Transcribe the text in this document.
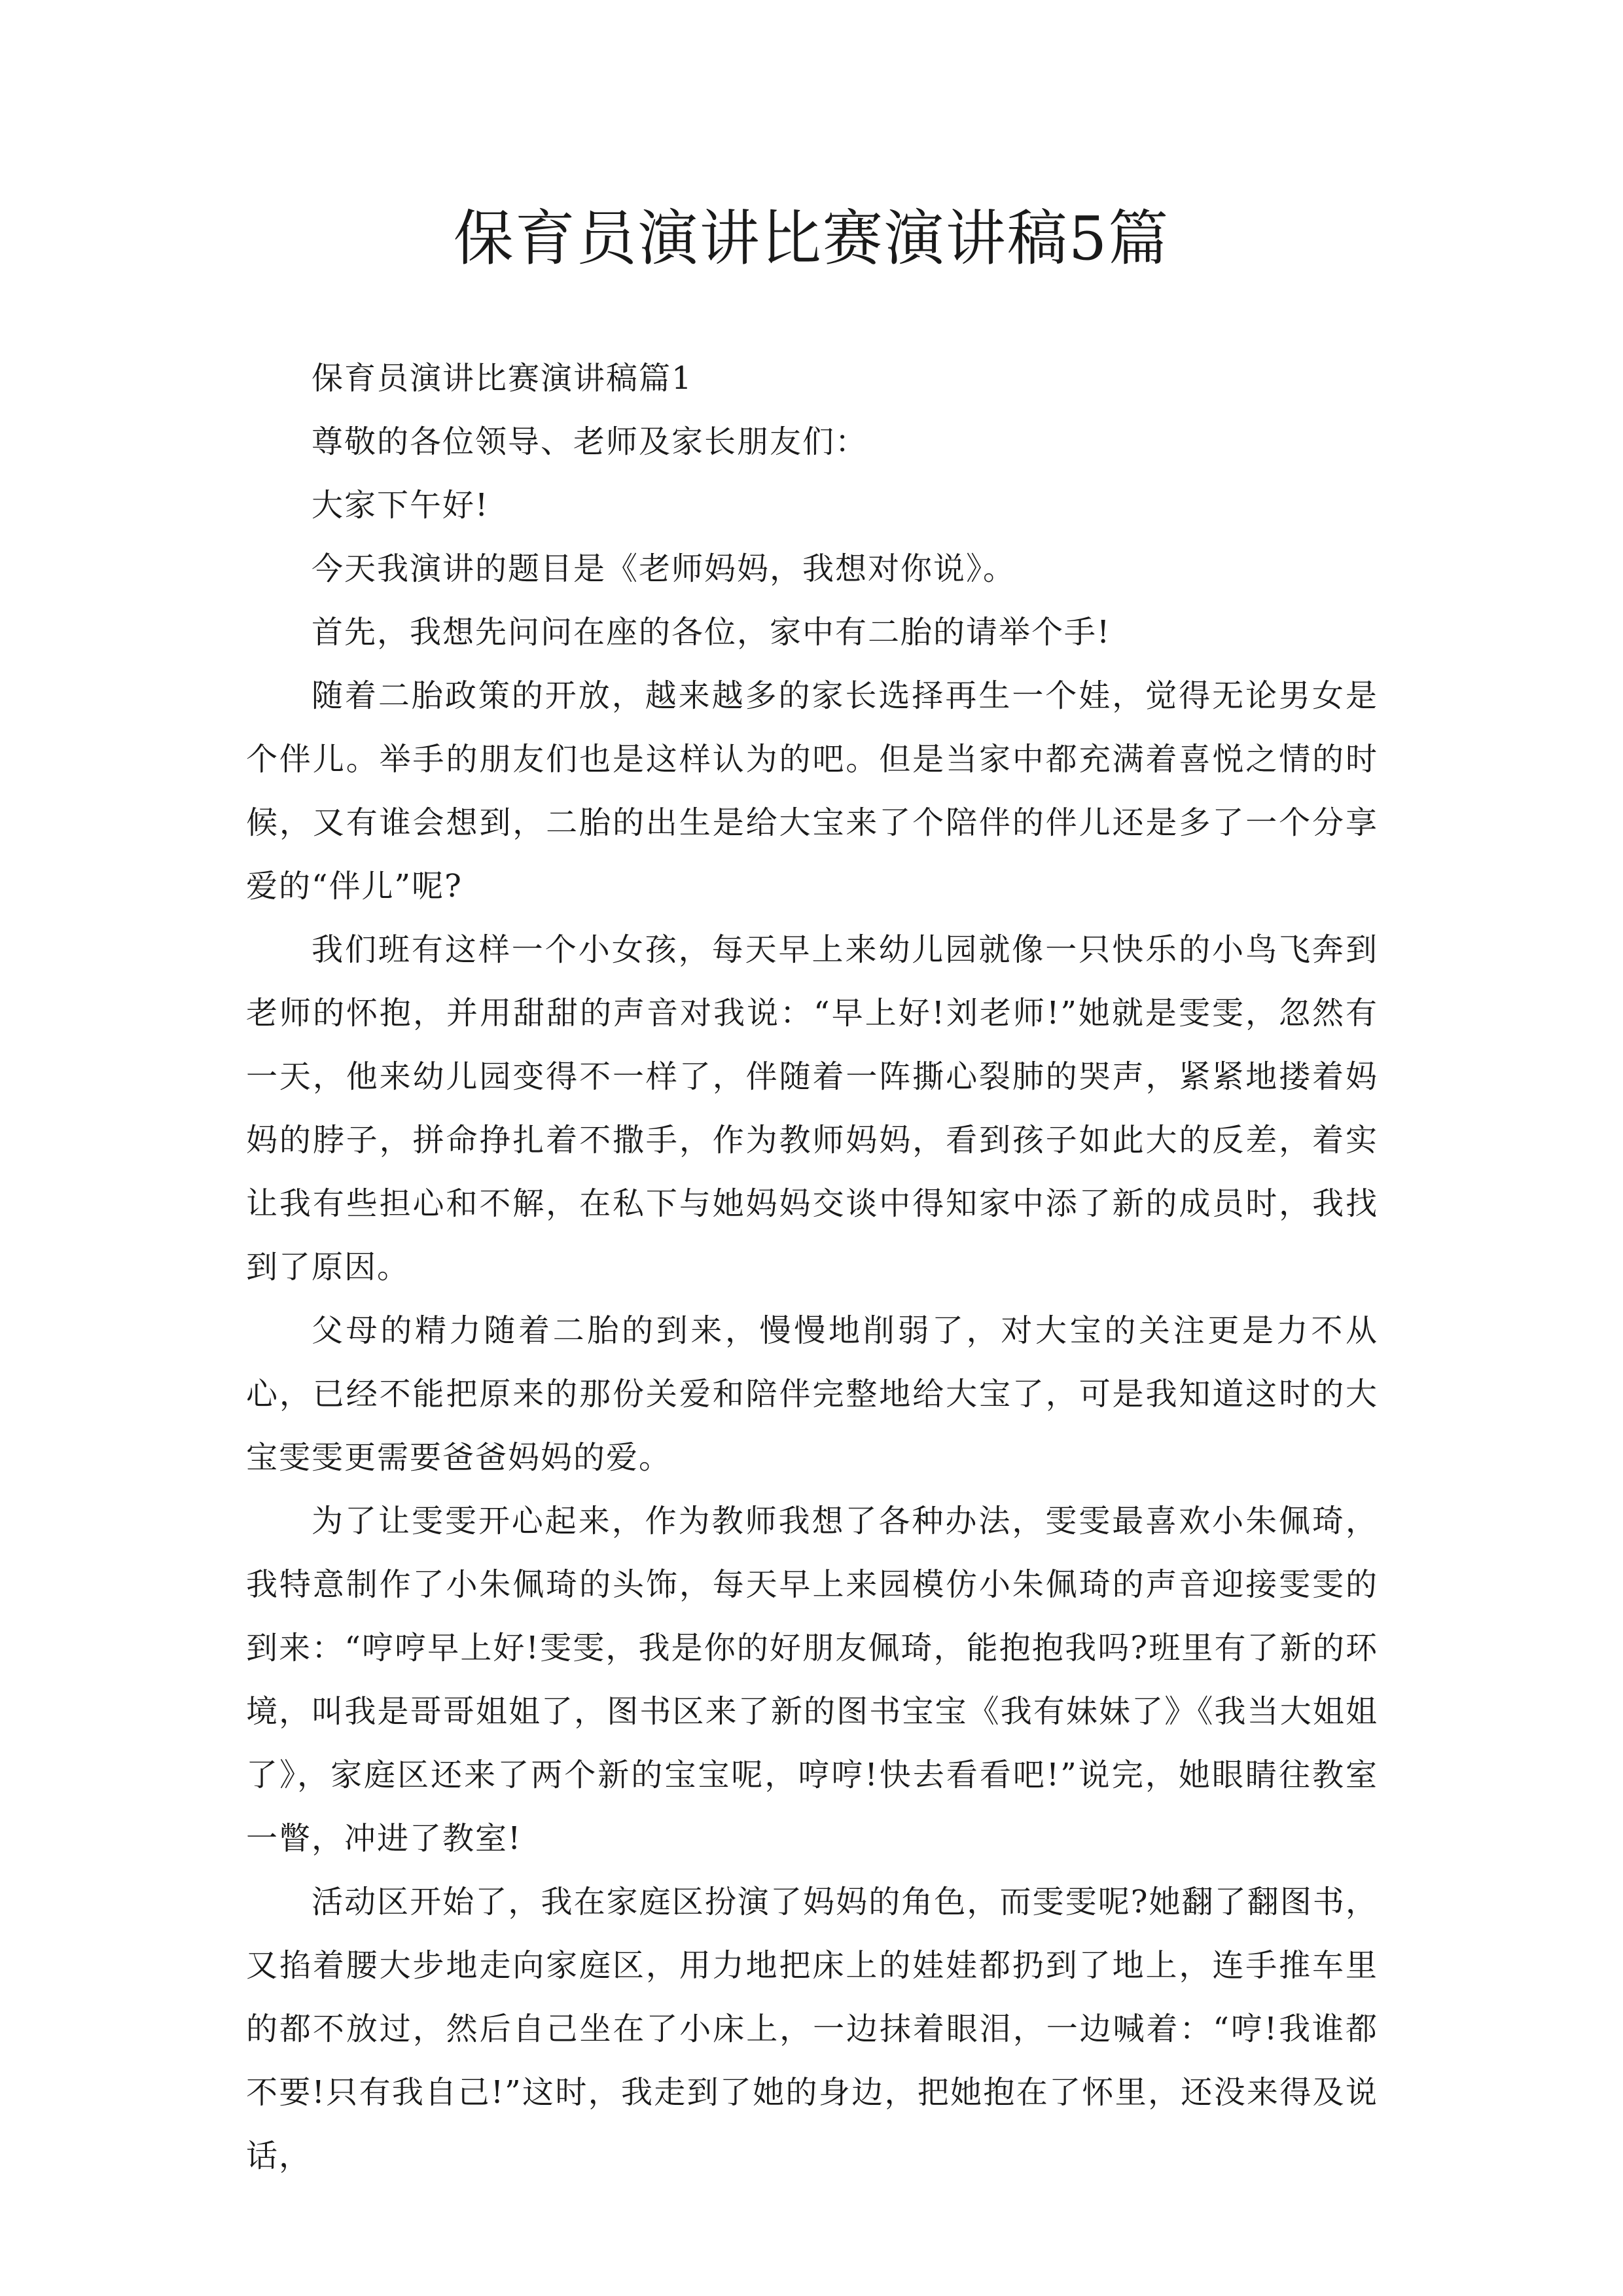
保育员演讲比赛演讲稿5篇

保育员演讲比赛演讲稿篇1

尊敬的各位领导、老师及家长朋友们：

大家下午好!

今天我演讲的题目是《老师妈妈，我想对你说》。

首先，我想先问问在座的各位，家中有二胎的请举个手!

随着二胎政策的开放，越来越多的家长选择再生一个娃，觉得无论男女是个伴儿。举手的朋友们也是这样认为的吧。但是当家中都充满着喜悦之情的时候，又有谁会想到，二胎的出生是给大宝来了个陪伴的伴儿还是多了一个分享爱的“伴儿”呢?

我们班有这样一个小女孩，每天早上来幼儿园就像一只快乐的小鸟飞奔到老师的怀抱，并用甜甜的声音对我说：“早上好!刘老师!”她就是雯雯，忽然有一天，他来幼儿园变得不一样了，伴随着一阵撕心裂肺的哭声，紧紧地搂着妈妈的脖子，拼命挣扎着不撒手，作为教师妈妈，看到孩子如此大的反差，着实让我有些担心和不解，在私下与她妈妈交谈中得知家中添了新的成员时，我找到了原因。

父母的精力随着二胎的到来，慢慢地削弱了，对大宝的关注更是力不从心，已经不能把原来的那份关爱和陪伴完整地给大宝了，可是我知道这时的大宝雯雯更需要爸爸妈妈的爱。

为了让雯雯开心起来，作为教师我想了各种办法，雯雯最喜欢小朱佩琦，我特意制作了小朱佩琦的头饰，每天早上来园模仿小朱佩琦的声音迎接雯雯的到来：“哼哼早上好!雯雯，我是你的好朋友佩琦，能抱抱我吗?班里有了新的环境，叫我是哥哥姐姐了，图书区来了新的图书宝宝《我有妹妹了》《我当大姐姐了》，家庭区还来了两个新的宝宝呢，哼哼!快去看看吧!”说完，她眼睛往教室一瞥，冲进了教室!

活动区开始了，我在家庭区扮演了妈妈的角色，而雯雯呢?她翻了翻图书，又掐着腰大步地走向家庭区，用力地把床上的娃娃都扔到了地上，连手推车里的都不放过，然后自己坐在了小床上，一边抹着眼泪，一边喊着：“哼!我谁都不要!只有我自己!”这时，我走到了她的身边，把她抱在了怀里，还没来得及说话，
